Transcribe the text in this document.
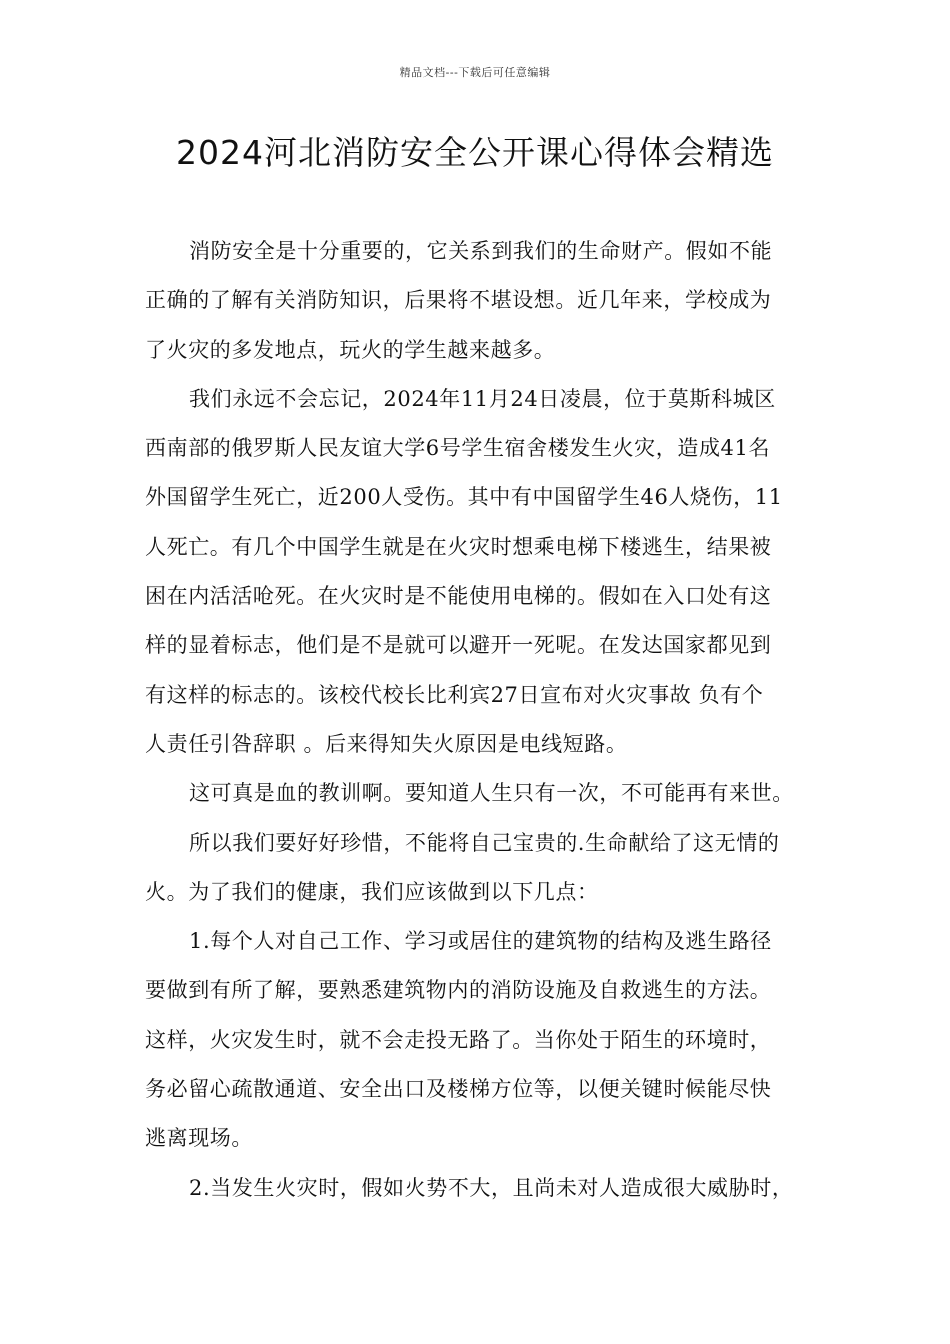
精品文档---下载后可任意编辑
2024河北消防安全公开课心得体会精选
消防安全是十分重要的，它关系到我们的生命财产。假如不能
正确的了解有关消防知识，后果将不堪设想。近几年来，学校成为
了火灾的多发地点，玩火的学生越来越多。
我们永远不会忘记，2024年11月24日凌晨，位于莫斯科城区
西南部的俄罗斯人民友谊大学6号学生宿舍楼发生火灾，造成41名
外国留学生死亡，近200人受伤。其中有中国留学生46人烧伤，11
人死亡。有几个中国学生就是在火灾时想乘电梯下楼逃生，结果被
困在内活活呛死。在火灾时是不能使用电梯的。假如在入口处有这
样的显着标志，他们是不是就可以避开一死呢。在发达国家都见到
有这样的标志的。该校代校长比利宾27日宣布对火灾事故 负有个
人责任引咎辞职 。后来得知失火原因是电线短路。
这可真是血的教训啊。要知道人生只有一次，不可能再有来世。
所以我们要好好珍惜，不能将自己宝贵的.生命献给了这无情的
火。为了我们的健康，我们应该做到以下几点：
1.每个人对自己工作、学习或居住的建筑物的结构及逃生路径
要做到有所了解，要熟悉建筑物内的消防设施及自救逃生的方法。
这样，火灾发生时，就不会走投无路了。当你处于陌生的环境时，
务必留心疏散通道、安全出口及楼梯方位等，以便关键时候能尽快
逃离现场。
2.当发生火灾时，假如火势不大，且尚未对人造成很大威胁时，
